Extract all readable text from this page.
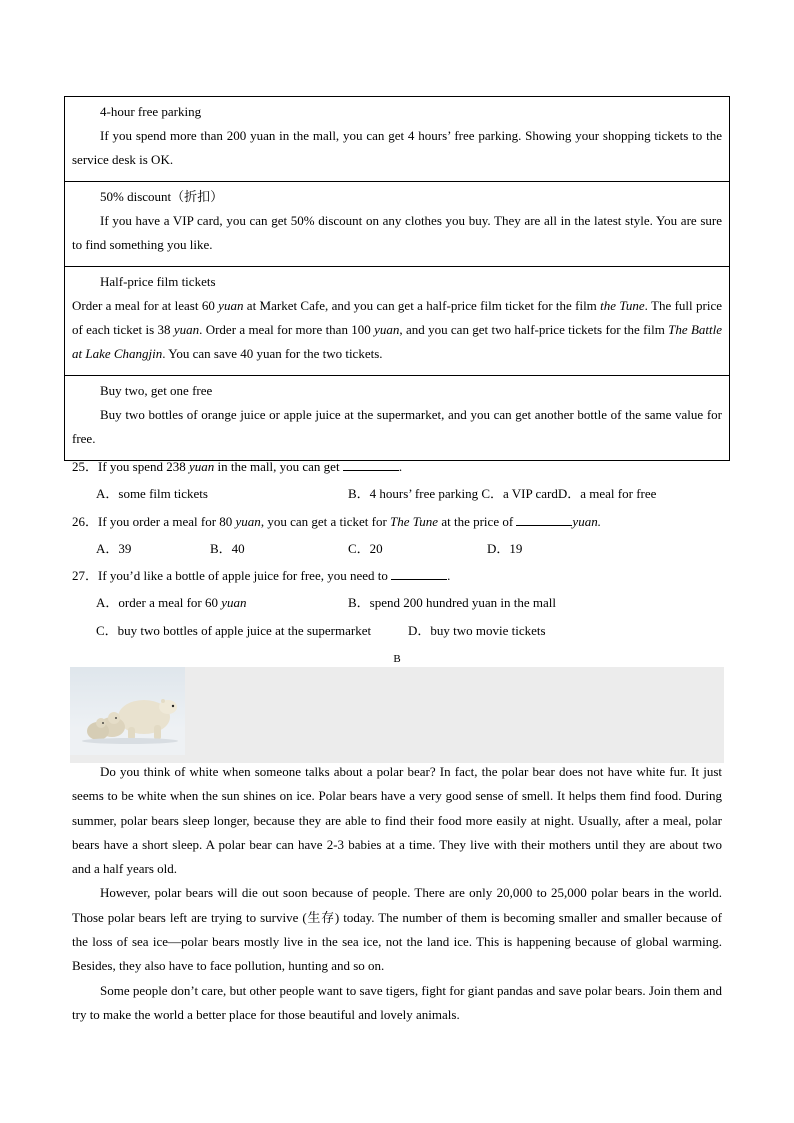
4-hour free parking
If you spend more than 200 yuan in the mall, you can get 4 hours’ free parking. Showing your shopping tickets to the service desk is OK.
50% discount（折扣）
If you have a VIP card, you can get 50% discount on any clothes you buy. They are all in the latest style. You are sure to find something you like.
Half-price film tickets
Order a meal for at least 60 yuan at Market Cafe, and you can get a half-price film ticket for the film the Tune. The full price of each ticket is 38 yuan. Order a meal for more than 100 yuan, and you can get two half-price tickets for the film The Battle at Lake Changjin. You can save 40 yuan for the two tickets.
Buy two, get one free
Buy two bottles of orange juice or apple juice at the supermarket, and you can get another bottle of the same value for free.
25．If you spend 238 yuan in the mall, you can get	.
A．some film tickets	B．4 hours’ free parking C．a VIP cardD．a meal for free
26．If you order a meal for 80 yuan, you can get a ticket for The Tune at the price of	yuan.
A．39	B．40	C．20	D．19
27．If you’d like a bottle of apple juice for free, you need to	.
A．order a meal for 60 yuan	B．spend 200 hundred yuan in the mall
C．buy two bottles of apple juice at the supermarket	D．buy two movie tickets
B

Do you think of white when someone talks about a polar bear? In fact, the polar bear does not have white fur. It just seems to be white when the sun shines on ice. Polar bears have a very good sense of smell. It helps them find food. During summer, polar bears sleep longer, because they are able to find their food more easily at night. Usually, after a meal, polar bears have a short sleep. A polar bear can have 2-3 babies at a time. They live with their mothers until they are about two and a half years old.

However, polar bears will die out soon because of people. There are only 20,000 to 25,000 polar bears in the world. Those polar bears left are trying to survive (生存) today. The number of them is becoming smaller and smaller because of the loss of sea ice—polar bears mostly live in the sea ice, not the land ice. This is happening because of global warming. Besides, they also have to face pollution, hunting and so on.

Some people don’t care, but other people want to save tigers, fight for giant pandas and save polar bears. Join them and try to make the world a better place for those beautiful and lovely animals.
